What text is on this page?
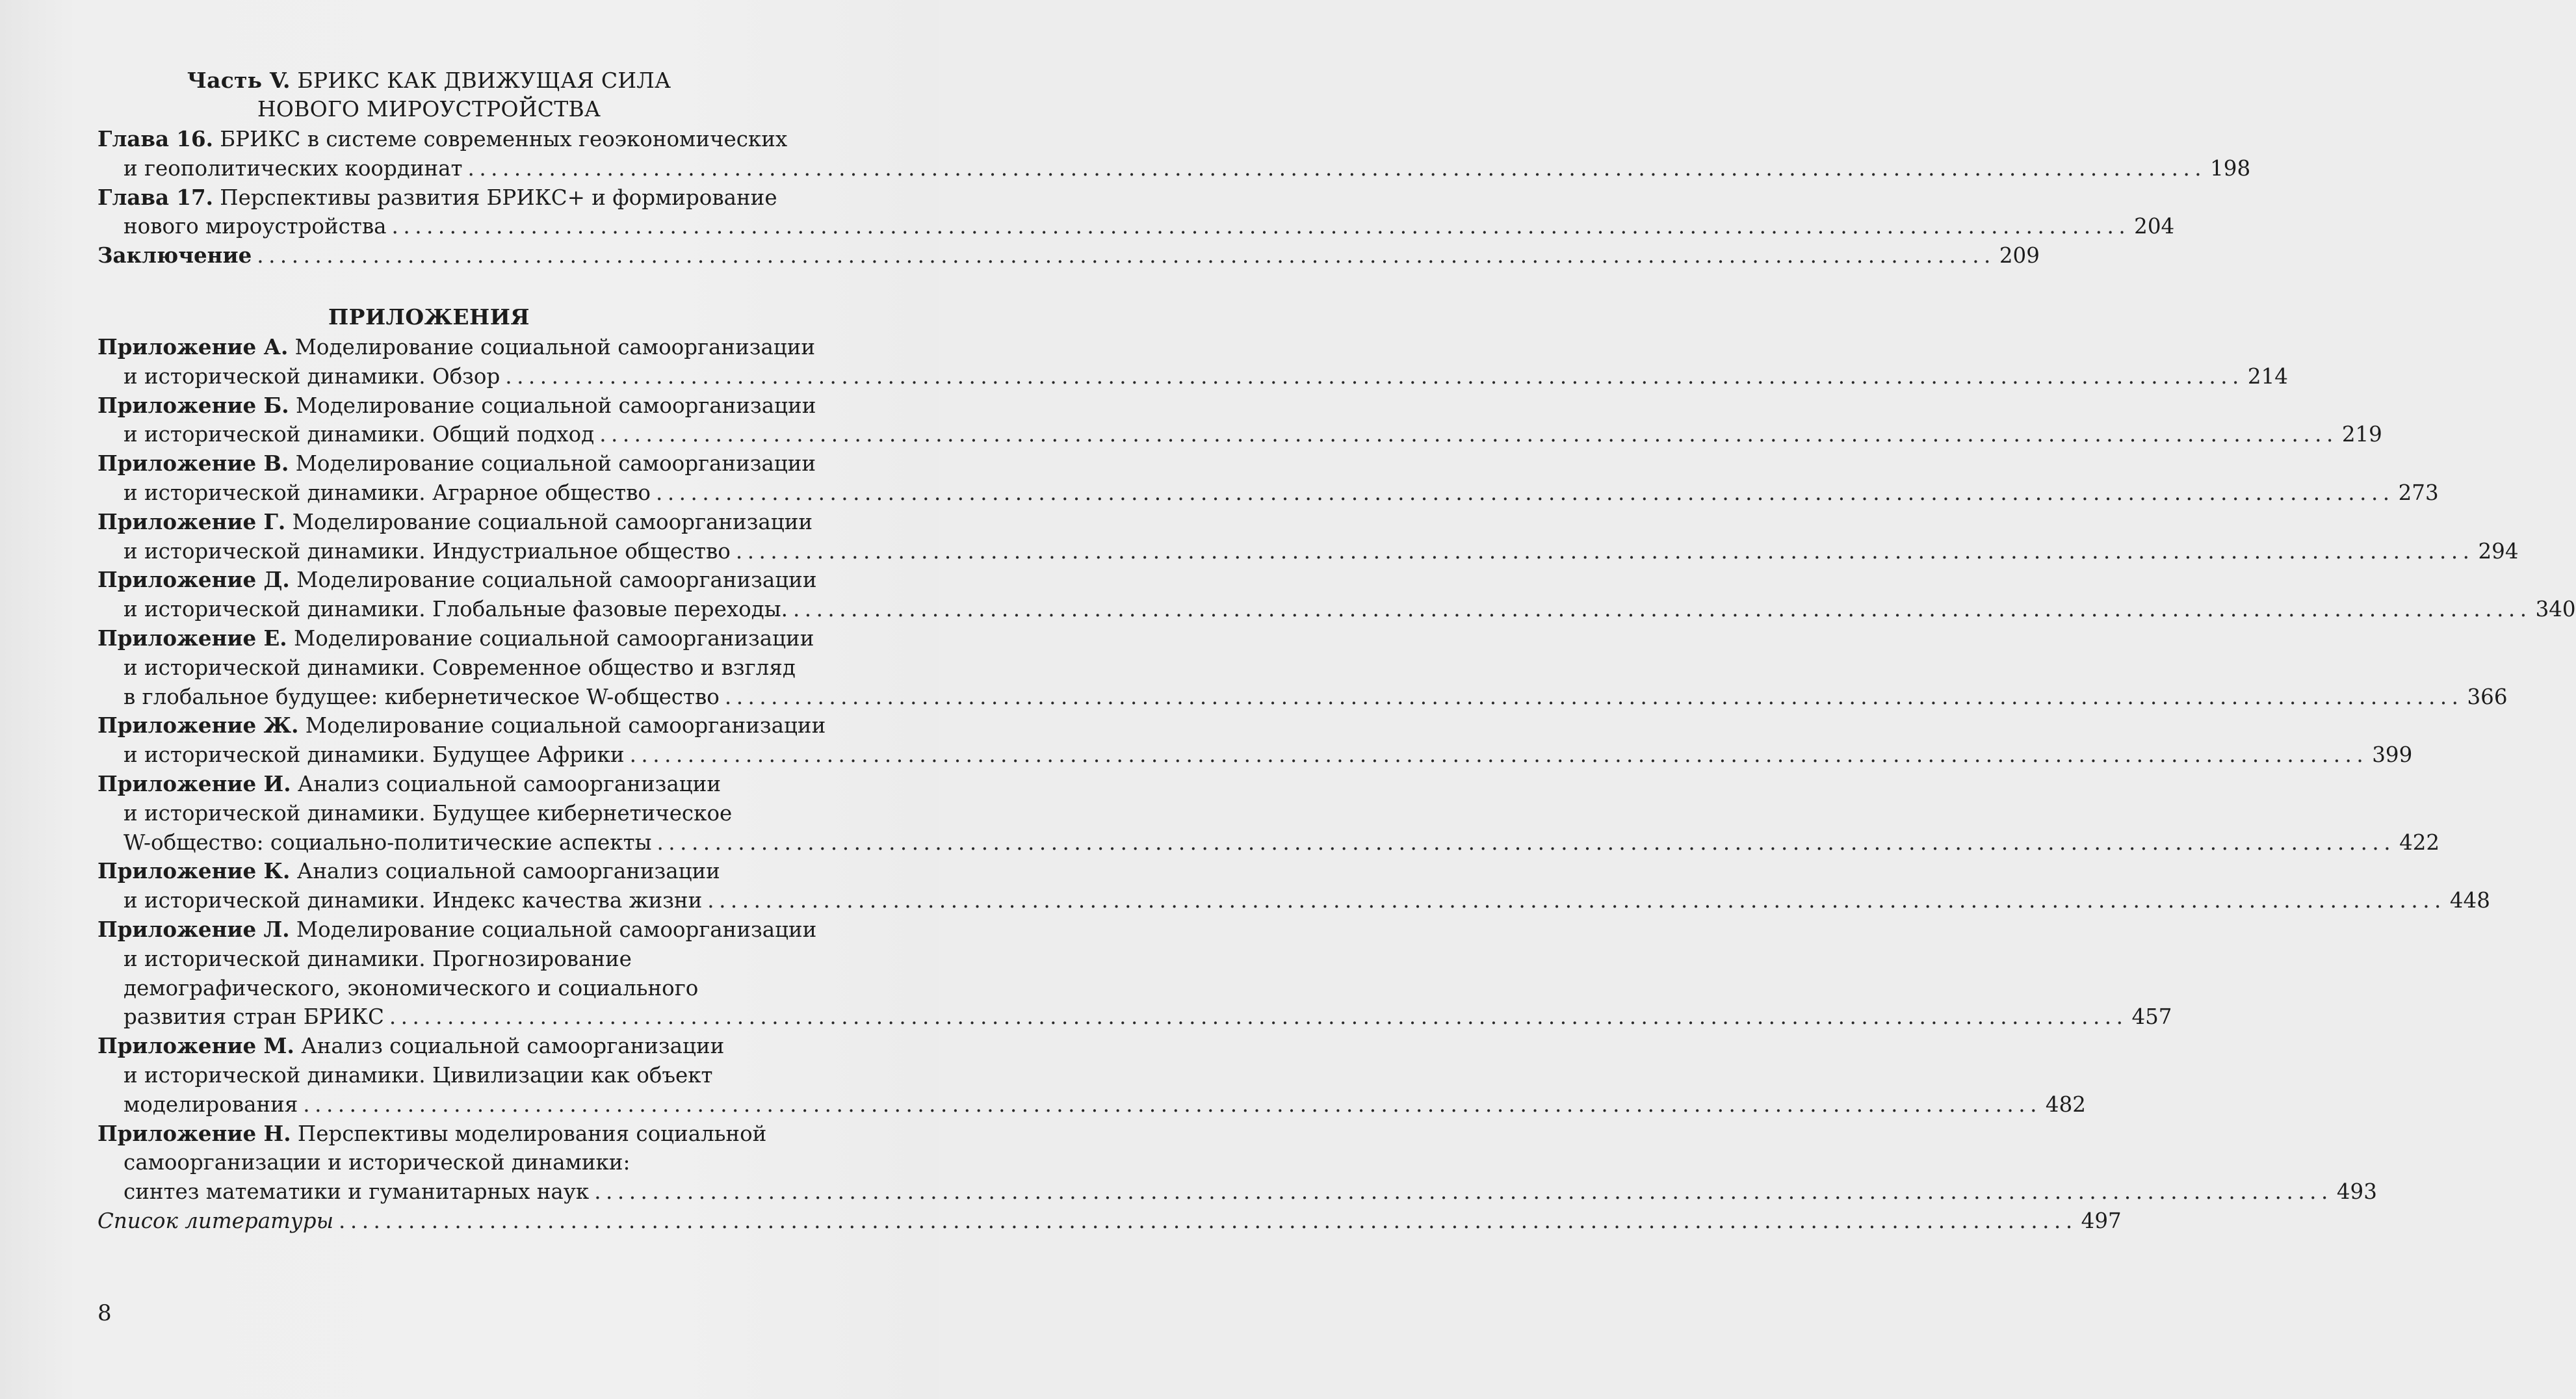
Часть V. БРИКС КАК ДВИЖУЩАЯ СИЛА
НОВОГО МИРОУСТРОЙСТВА
Глава 16. БРИКС в системе современных геоэкономических
и геополитических координат ...................................................................................................................................................... 198
Глава 17. Перспективы развития БРИКС+ и формирование
нового мироустройства ...................................................................................................................................................... 204
Заключение ...................................................................................................................................................... 209
ПРИЛОЖЕНИЯ
Приложение А. Моделирование социальной самоорганизации
и исторической динамики. Обзор ...................................................................................................................................................... 214
Приложение Б. Моделирование социальной самоорганизации
и исторической динамики. Общий подход ...................................................................................................................................................... 219
Приложение В. Моделирование социальной самоорганизации
и исторической динамики. Аграрное общество ...................................................................................................................................................... 273
Приложение Г. Моделирование социальной самоорганизации
и исторической динамики. Индустриальное общество ...................................................................................................................................................... 294
Приложение Д. Моделирование социальной самоорганизации
и исторической динамики. Глобальные фазовые переходы. ...................................................................................................................................................... 340
Приложение Е. Моделирование социальной самоорганизации
и исторической динамики. Современное общество и взгляд
в глобальное будущее: кибернетическое W-общество ...................................................................................................................................................... 366
Приложение Ж. Моделирование социальной самоорганизации
и исторической динамики. Будущее Африки ...................................................................................................................................................... 399
Приложение И. Анализ социальной самоорганизации
и исторической динамики. Будущее кибернетическое
W-общество: социально-политические аспекты ...................................................................................................................................................... 422
Приложение К. Анализ социальной самоорганизации
и исторической динамики. Индекс качества жизни ...................................................................................................................................................... 448
Приложение Л. Моделирование социальной самоорганизации
и исторической динамики. Прогнозирование
демографического, экономического и социального
развития стран БРИКС ...................................................................................................................................................... 457
Приложение М. Анализ социальной самоорганизации
и исторической динамики. Цивилизации как объект
моделирования ...................................................................................................................................................... 482
Приложение Н. Перспективы моделирования социальной
самоорганизации и исторической динамики:
синтез математики и гуманитарных наук ...................................................................................................................................................... 493
Список литературы ...................................................................................................................................................... 497
8
